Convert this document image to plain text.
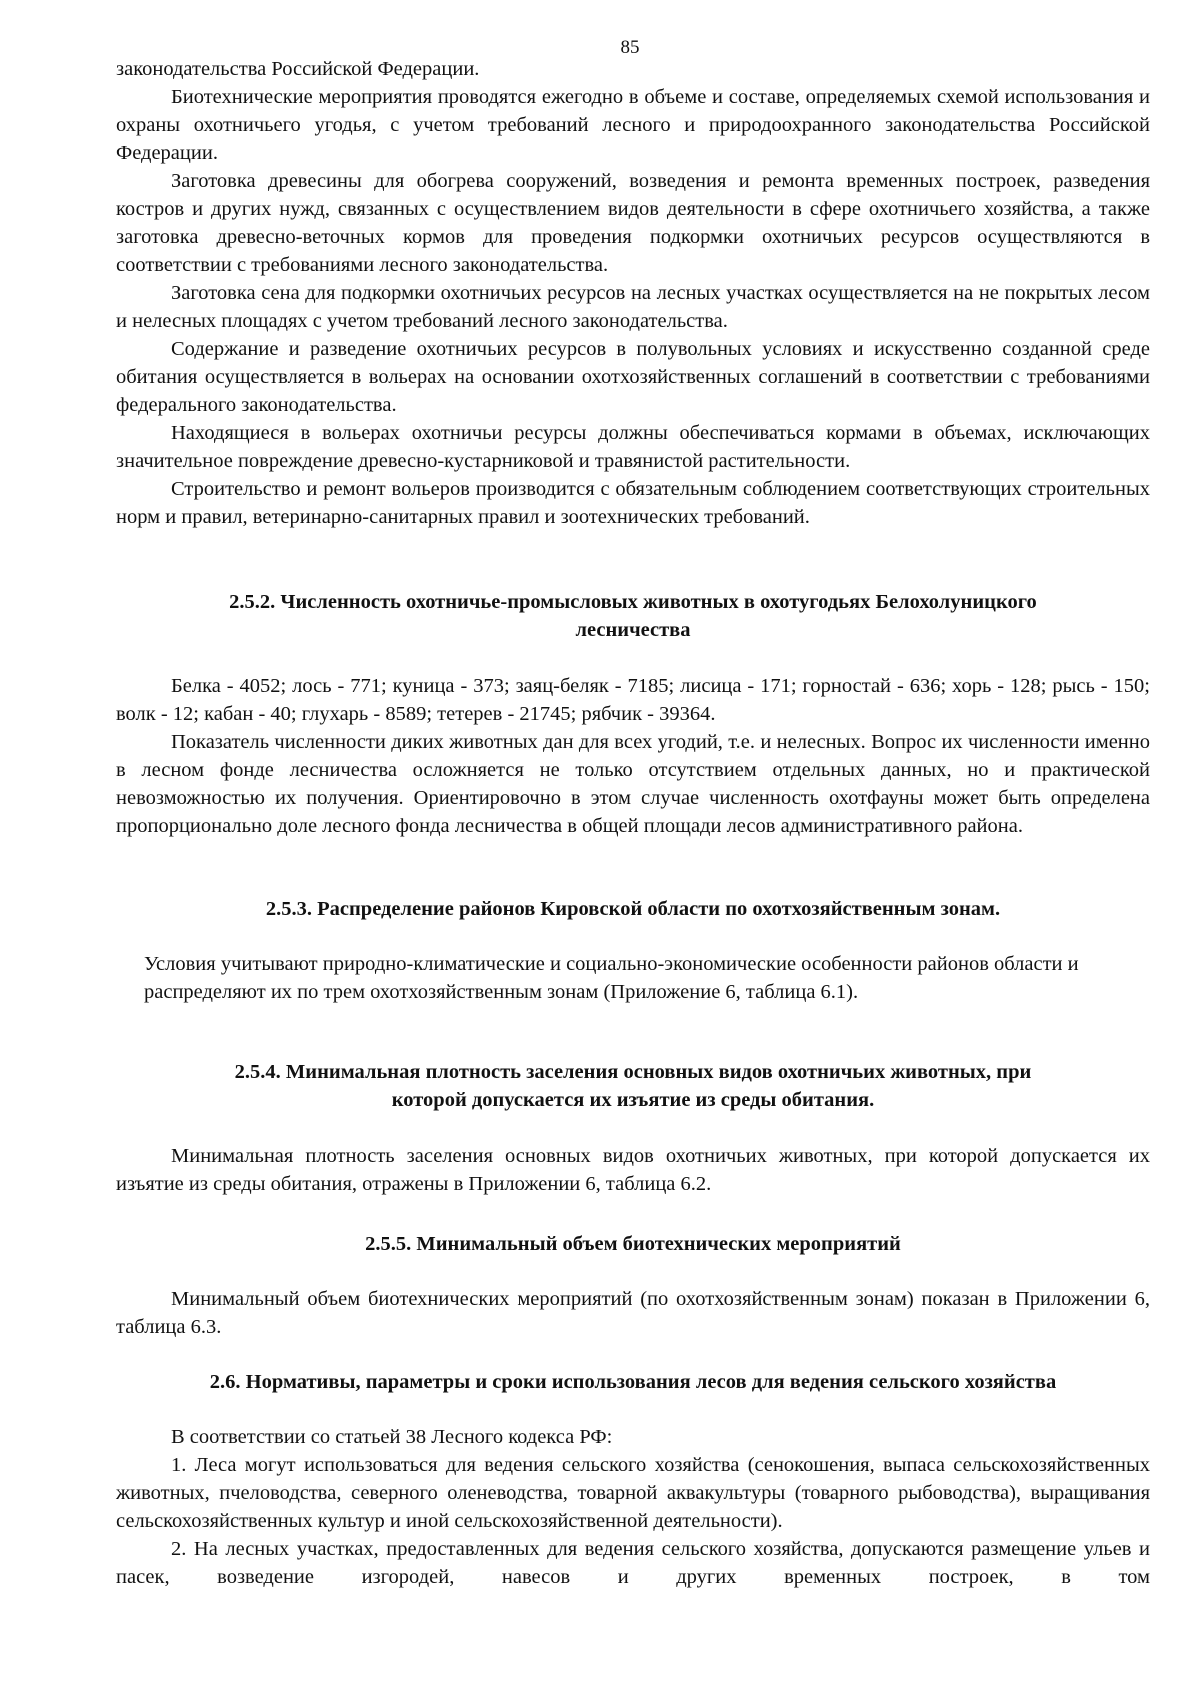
85

законодательства Российской Федерации.

Биотехнические мероприятия проводятся ежегодно в объеме и составе, определяемых схемой использования и охраны охотничьего угодья, с учетом требований лесного и природоохранного законодательства Российской Федерации.

Заготовка древесины для обогрева сооружений, возведения и ремонта временных построек, разведения костров и других нужд, связанных с осуществлением видов деятельности в сфере охотничьего хозяйства, а также заготовка древесно-веточных кормов для проведения подкормки охотничьих ресурсов осуществляются в соответствии с требованиями лесного законодательства.

Заготовка сена для подкормки охотничьих ресурсов на лесных участках осуществляется на не покрытых лесом и нелесных площадях с учетом требований лесного законодательства.

Содержание и разведение охотничьих ресурсов в полувольных условиях и искусственно созданной среде обитания осуществляется в вольерах на основании охотхозяйственных соглашений в соответствии с требованиями федерального законодательства.

Находящиеся в вольерах охотничьи ресурсы должны обеспечиваться кормами в объемах, исключающих значительное повреждение древесно-кустарниковой и травянистой растительности.

Строительство и ремонт вольеров производится с обязательным соблюдением соответствующих строительных норм и правил, ветеринарно-санитарных правил и зоотехнических требований.

2.5.2. Численность охотничье-промысловых животных в охотугодьях Белохолуницкого
лесничества

Белка - 4052; лось - 771; куница - 373; заяц-беляк - 7185; лисица - 171; горностай - 636; хорь - 128; рысь - 150; волк - 12; кабан - 40; глухарь - 8589; тетерев - 21745; рябчик - 39364.

Показатель численности диких животных дан для всех угодий, т.е. и нелесных. Вопрос их численности именно в лесном фонде лесничества осложняется не только отсутствием отдельных данных, но и практической невозможностью их получения. Ориентировочно в этом случае численность охотфауны может быть определена пропорционально доле лесного фонда лесничества в общей площади лесов административного района.

2.5.3. Распределение районов Кировской области по охотхозяйственным зонам.

Условия учитывают природно-климатические и социально-экономические особенности районов области и распределяют их по трем охотхозяйственным зонам (Приложение 6, таблица 6.1).

2.5.4. Минимальная плотность заселения основных видов охотничьих животных, при
которой допускается их изъятие из среды обитания.

Минимальная плотность заселения основных видов охотничьих животных, при которой допускается их изъятие из среды обитания, отражены в Приложении 6, таблица 6.2.

2.5.5. Минимальный объем биотехнических мероприятий

Минимальный объем биотехнических мероприятий (по охотхозяйственным зонам) показан в Приложении 6, таблица 6.3.

2.6. Нормативы, параметры и сроки использования лесов для ведения сельского хозяйства

В соответствии со статьей 38 Лесного кодекса РФ:

1. Леса могут использоваться для ведения сельского хозяйства (сенокошения, выпаса сельскохозяйственных животных, пчеловодства, северного оленеводства, товарной аквакультуры (товарного рыбоводства), выращивания сельскохозяйственных культур и иной сельскохозяйственной деятельности).

2. На лесных участках, предоставленных для ведения сельского хозяйства, допускаются размещение ульев и пасек, возведение изгородей, навесов и других временных построек, в том
